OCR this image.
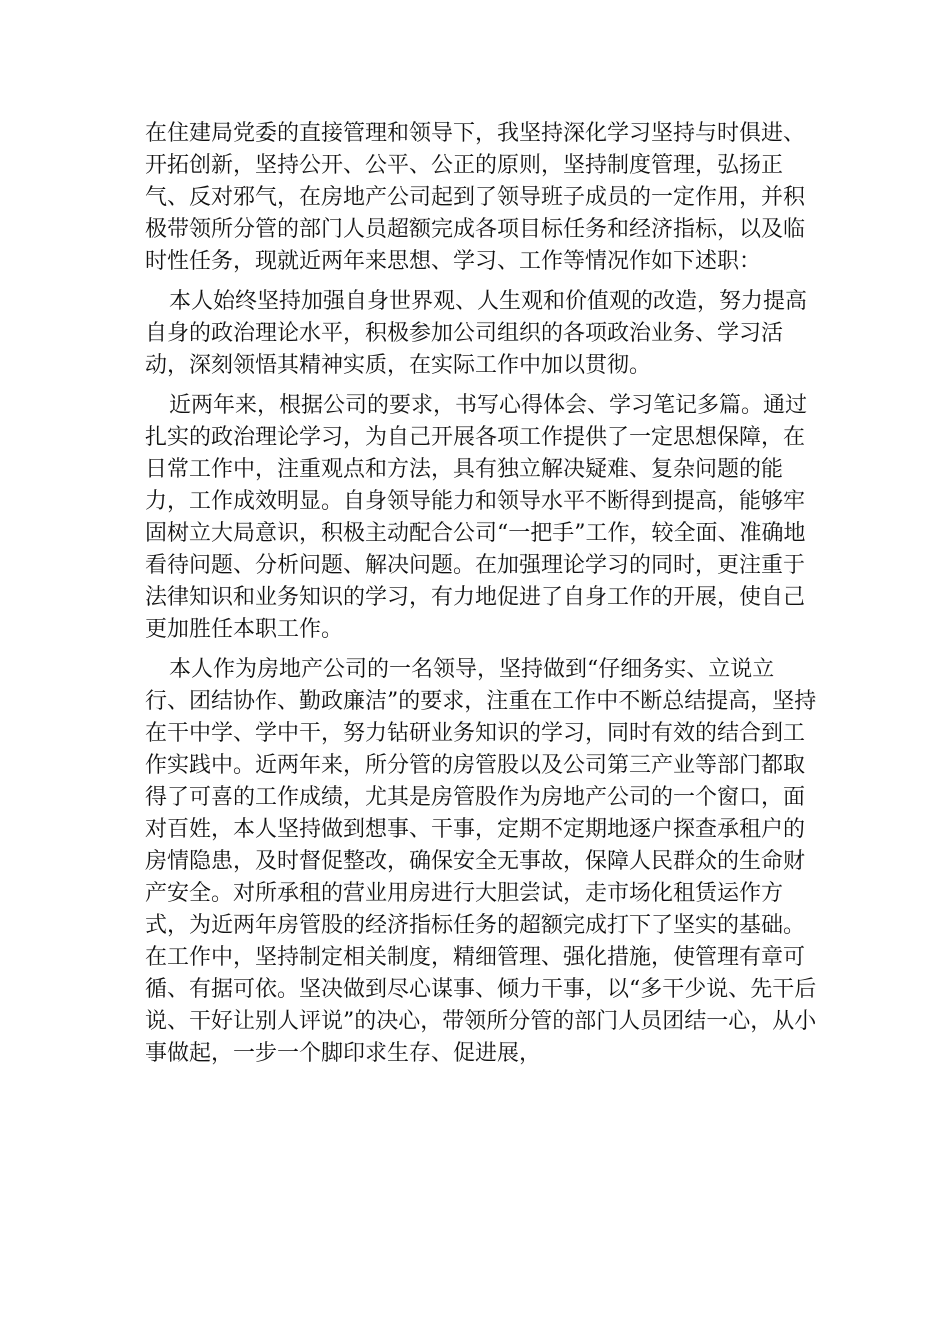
在住建局党委的直接管理和领导下，我坚持深化学习坚持与时俱进、开拓创新，坚持公开、公平、公正的原则，坚持制度管理，弘扬正气、反对邪气，在房地产公司起到了领导班子成员的一定作用，并积极带领所分管的部门人员超额完成各项目标任务和经济指标，以及临时性任务，现就近两年来思想、学习、工作等情况作如下述职：

本人始终坚持加强自身世界观、人生观和价值观的改造，努力提高自身的政治理论水平，积极参加公司组织的各项政治业务、学习活动，深刻领悟其精神实质，在实际工作中加以贯彻。

近两年来，根据公司的要求，书写心得体会、学习笔记多篇。通过扎实的政治理论学习，为自己开展各项工作提供了一定思想保障，在日常工作中，注重观点和方法，具有独立解决疑难、复杂问题的能力，工作成效明显。自身领导能力和领导水平不断得到提高，能够牢固树立大局意识，积极主动配合公司“一把手”工作，较全面、准确地看待问题、分析问题、解决问题。在加强理论学习的同时，更注重于法律知识和业务知识的学习，有力地促进了自身工作的开展，使自己更加胜任本职工作。

本人作为房地产公司的一名领导，坚持做到“仔细务实、立说立行、团结协作、勤政廉洁”的要求，注重在工作中不断总结提高，坚持在干中学、学中干，努力钻研业务知识的学习，同时有效的结合到工作实践中。近两年来，所分管的房管股以及公司第三产业等部门都取得了可喜的工作成绩，尤其是房管股作为房地产公司的一个窗口，面对百姓，本人坚持做到想事、干事，定期不定期地逐户探查承租户的房情隐患，及时督促整改，确保安全无事故，保障人民群众的生命财产安全。对所承租的营业用房进行大胆尝试，走市场化租赁运作方式，为近两年房管股的经济指标任务的超额完成打下了坚实的基础。在工作中，坚持制定相关制度，精细管理、强化措施，使管理有章可循、有据可依。坚决做到尽心谋事、倾力干事，以“多干少说、先干后说、干好让别人评说”的决心，带领所分管的部门人员团结一心，从小事做起，一步一个脚印求生存、促进展，
